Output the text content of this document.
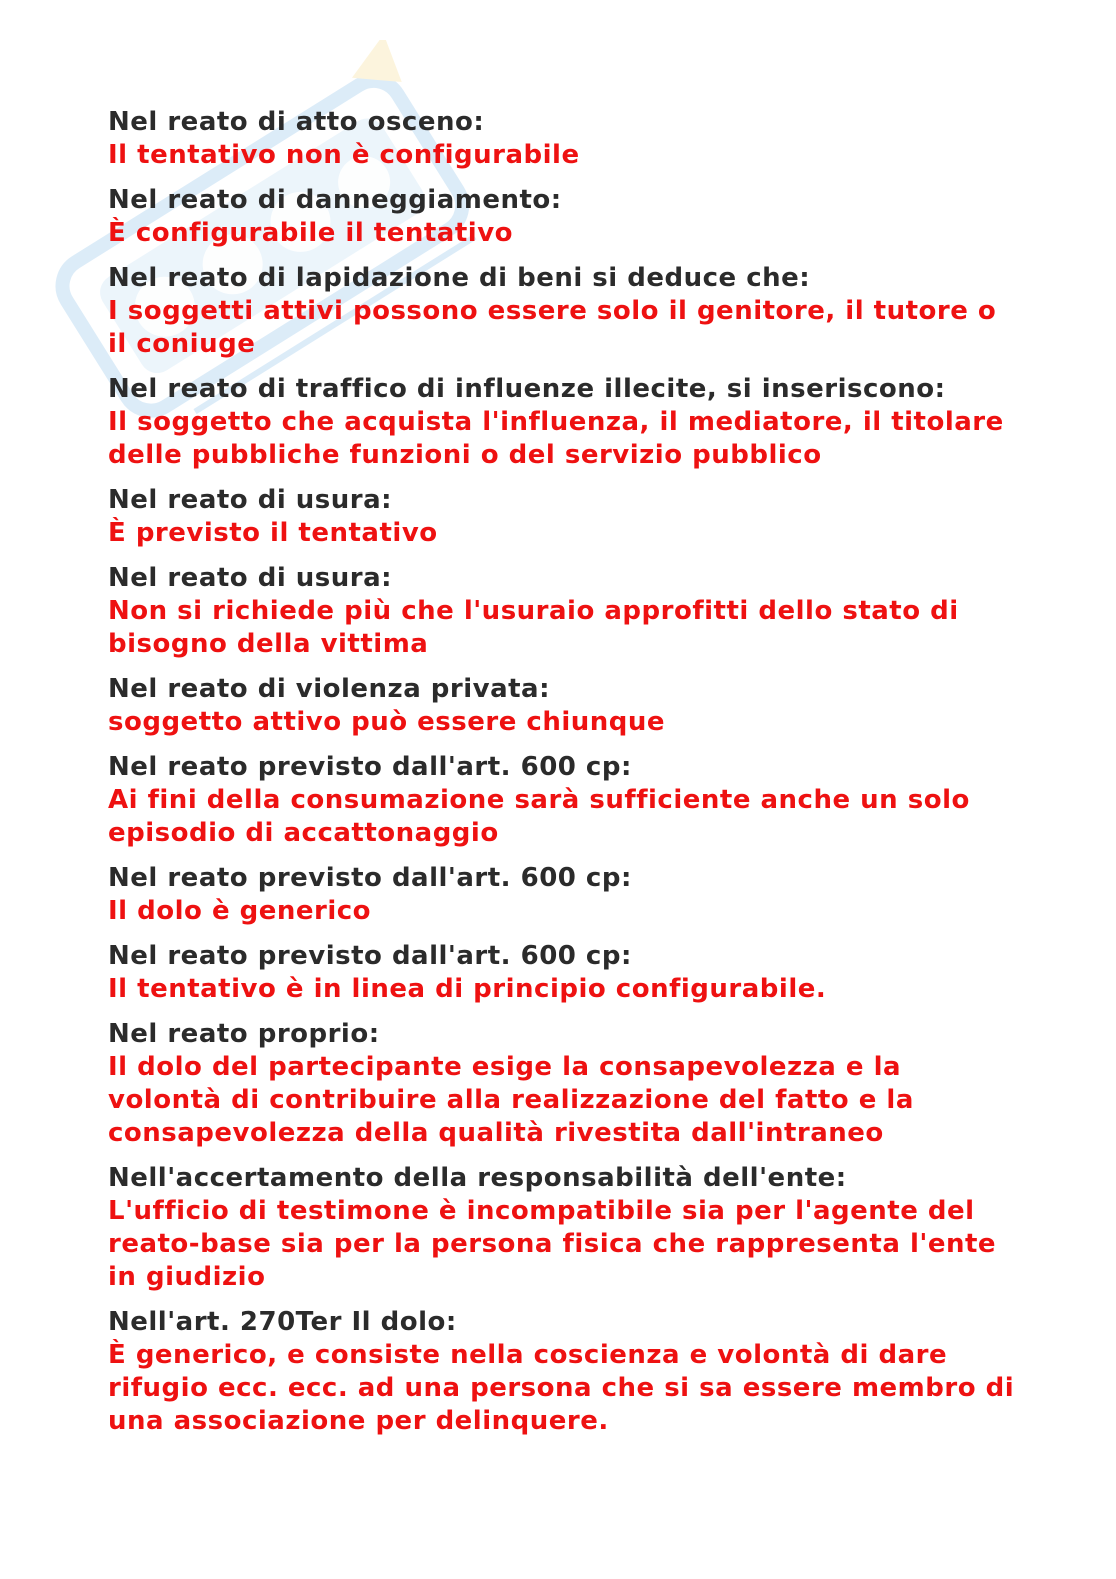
Nel reato di atto osceno:
Il tentativo non è configurabile
Nel reato di danneggiamento:
È configurabile il tentativo
Nel reato di lapidazione di beni si deduce che:
I soggetti attivi possono essere solo il genitore, il tutore o il coniuge
Nel reato di traffico di influenze illecite, si inseriscono:
Il soggetto che acquista l'influenza, il mediatore, il titolare delle pubbliche funzioni o del servizio pubblico
Nel reato di usura:
È previsto il tentativo
Nel reato di usura:
Non si richiede più che l'usuraio approfitti dello stato di bisogno della vittima
Nel reato di violenza privata:
soggetto attivo può essere chiunque
Nel reato previsto dall'art. 600 cp:
Ai fini della consumazione sarà sufficiente anche un solo episodio di accattonaggio
Nel reato previsto dall'art. 600 cp:
Il dolo è generico
Nel reato previsto dall'art. 600 cp:
Il tentativo è in linea di principio configurabile.
Nel reato proprio:
Il dolo del partecipante esige la consapevolezza e la volontà di contribuire alla realizzazione del fatto e la consapevolezza della qualità rivestita dall'intraneo
Nell'accertamento della responsabilità dell'ente:
L'ufficio di testimone è incompatibile sia per l'agente del reato-base sia per la persona fisica che rappresenta l'ente in giudizio
Nell'art. 270Ter Il dolo:
È generico, e consiste nella coscienza e volontà di dare rifugio ecc. ecc. ad una persona che si sa essere membro di una associazione per delinquere.
